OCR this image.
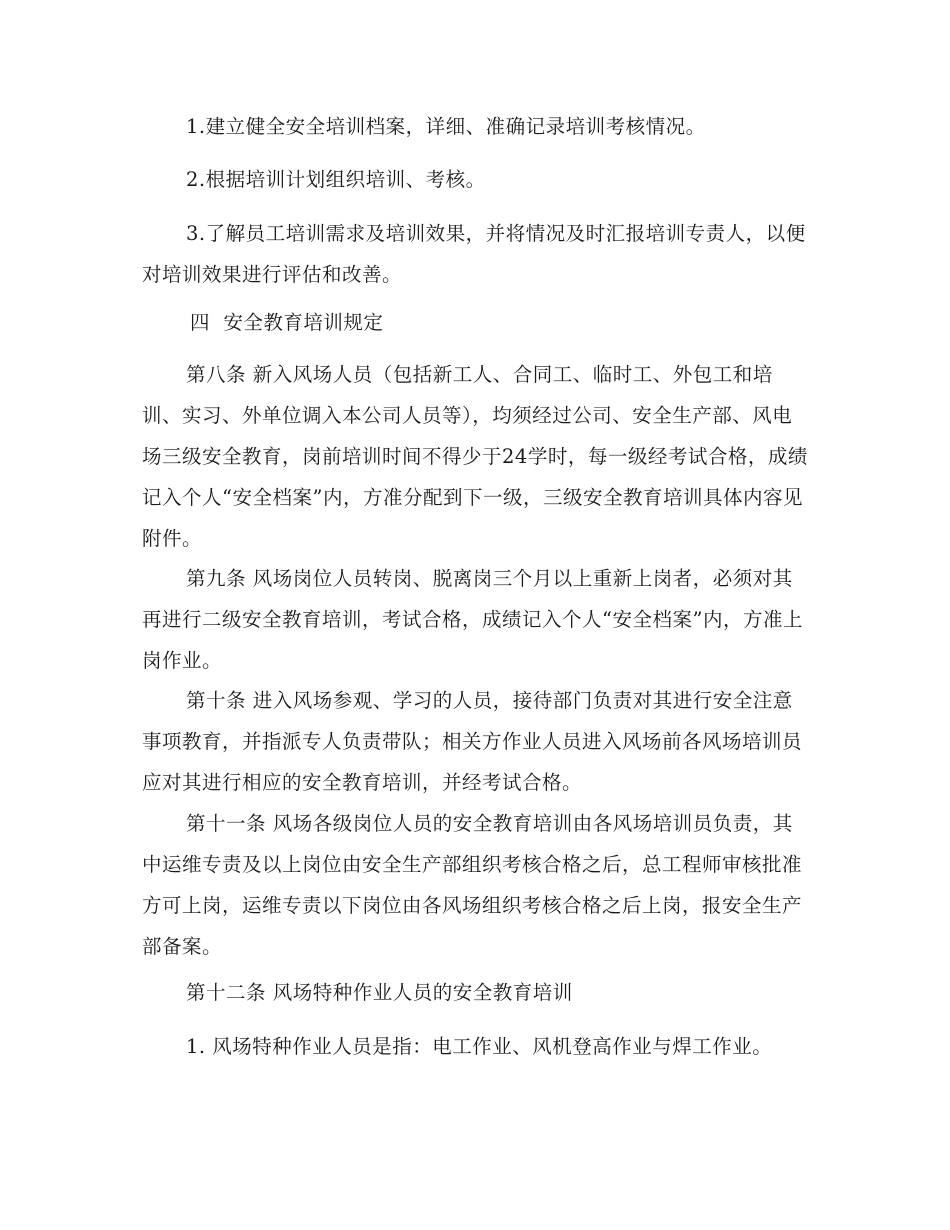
1.建立健全安全培训档案，详细、准确记录培训考核情况。

2.根据培训计划组织培训、考核。

3.了解员工培训需求及培训效果，并将情况及时汇报培训专责人，以便对培训效果进行评估和改善。

四  安全教育培训规定

第八条 新入风场人员（包括新工人、合同工、临时工、外包工和培训、实习、外单位调入本公司人员等），均须经过公司、安全生产部、风电场三级安全教育，岗前培训时间不得少于24学时，每一级经考试合格，成绩记入个人“安全档案”内，方准分配到下一级，三级安全教育培训具体内容见附件。

第九条 风场岗位人员转岗、脱离岗三个月以上重新上岗者，必须对其再进行二级安全教育培训，考试合格，成绩记入个人“安全档案”内，方准上岗作业。

第十条 进入风场参观、学习的人员，接待部门负责对其进行安全注意事项教育，并指派专人负责带队；相关方作业人员进入风场前各风场培训员应对其进行相应的安全教育培训，并经考试合格。

第十一条 风场各级岗位人员的安全教育培训由各风场培训员负责，其中运维专责及以上岗位由安全生产部组织考核合格之后，总工程师审核批准方可上岗，运维专责以下岗位由各风场组织考核合格之后上岗，报安全生产部备案。

第十二条 风场特种作业人员的安全教育培训

1. 风场特种作业人员是指：电工作业、风机登高作业与焊工作业。
